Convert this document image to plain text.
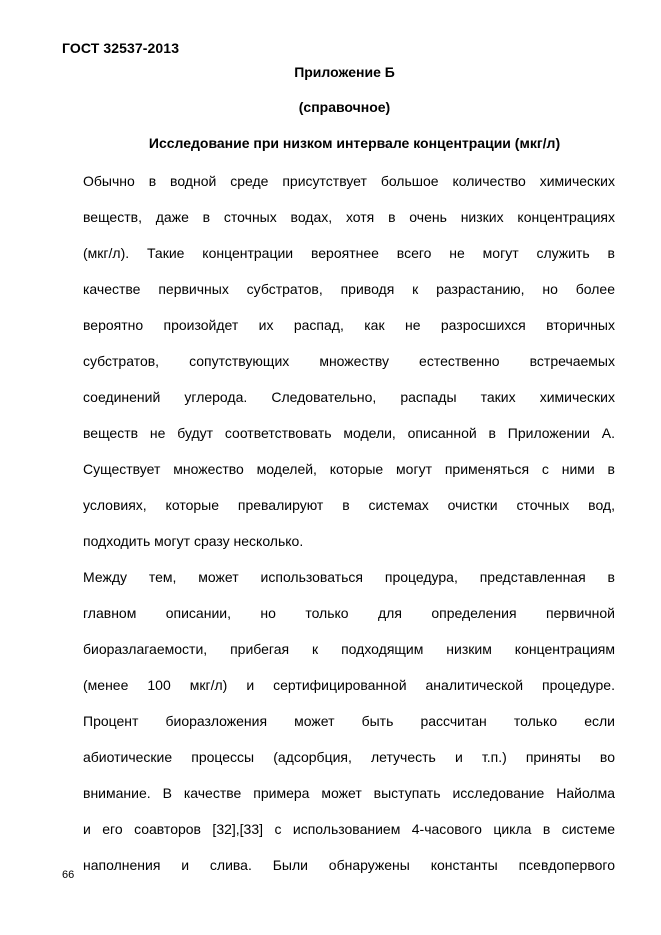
ГОСТ 32537-2013
Приложение Б
(справочное)
Исследование при низком интервале концентрации (мкг/л)
Обычно в водной среде присутствует большое количество химических
веществ, даже в сточных водах, хотя в очень низких концентрациях
(мкг/л). Такие концентрации вероятнее всего не могут служить в
качестве первичных субстратов, приводя к разрастанию, но более
вероятно произойдет их распад, как не разросшихся вторичных
субстратов, сопутствующих множеству естественно встречаемых
соединений углерода. Следовательно, распады таких химических
веществ не будут соответствовать модели, описанной в Приложении А.
Существует множество моделей, которые могут применяться с ними в
условиях, которые превалируют в системах очистки сточных вод,
подходить могут сразу несколько.
Между тем, может использоваться процедура, представленная в
главном описании, но только для определения первичной
биоразлагаемости, прибегая к подходящим низким концентрациям
(менее 100 мкг/л) и сертифицированной аналитической процедуре.
Процент биоразложения может быть рассчитан только если
абиотические процессы (адсорбция, летучесть и т.п.) приняты во
внимание. В качестве примера может выступать исследование Найолма
и его соавторов [32],[33] с использованием 4-часового цикла в системе
наполнения и слива. Были обнаружены константы псевдопервого
66
